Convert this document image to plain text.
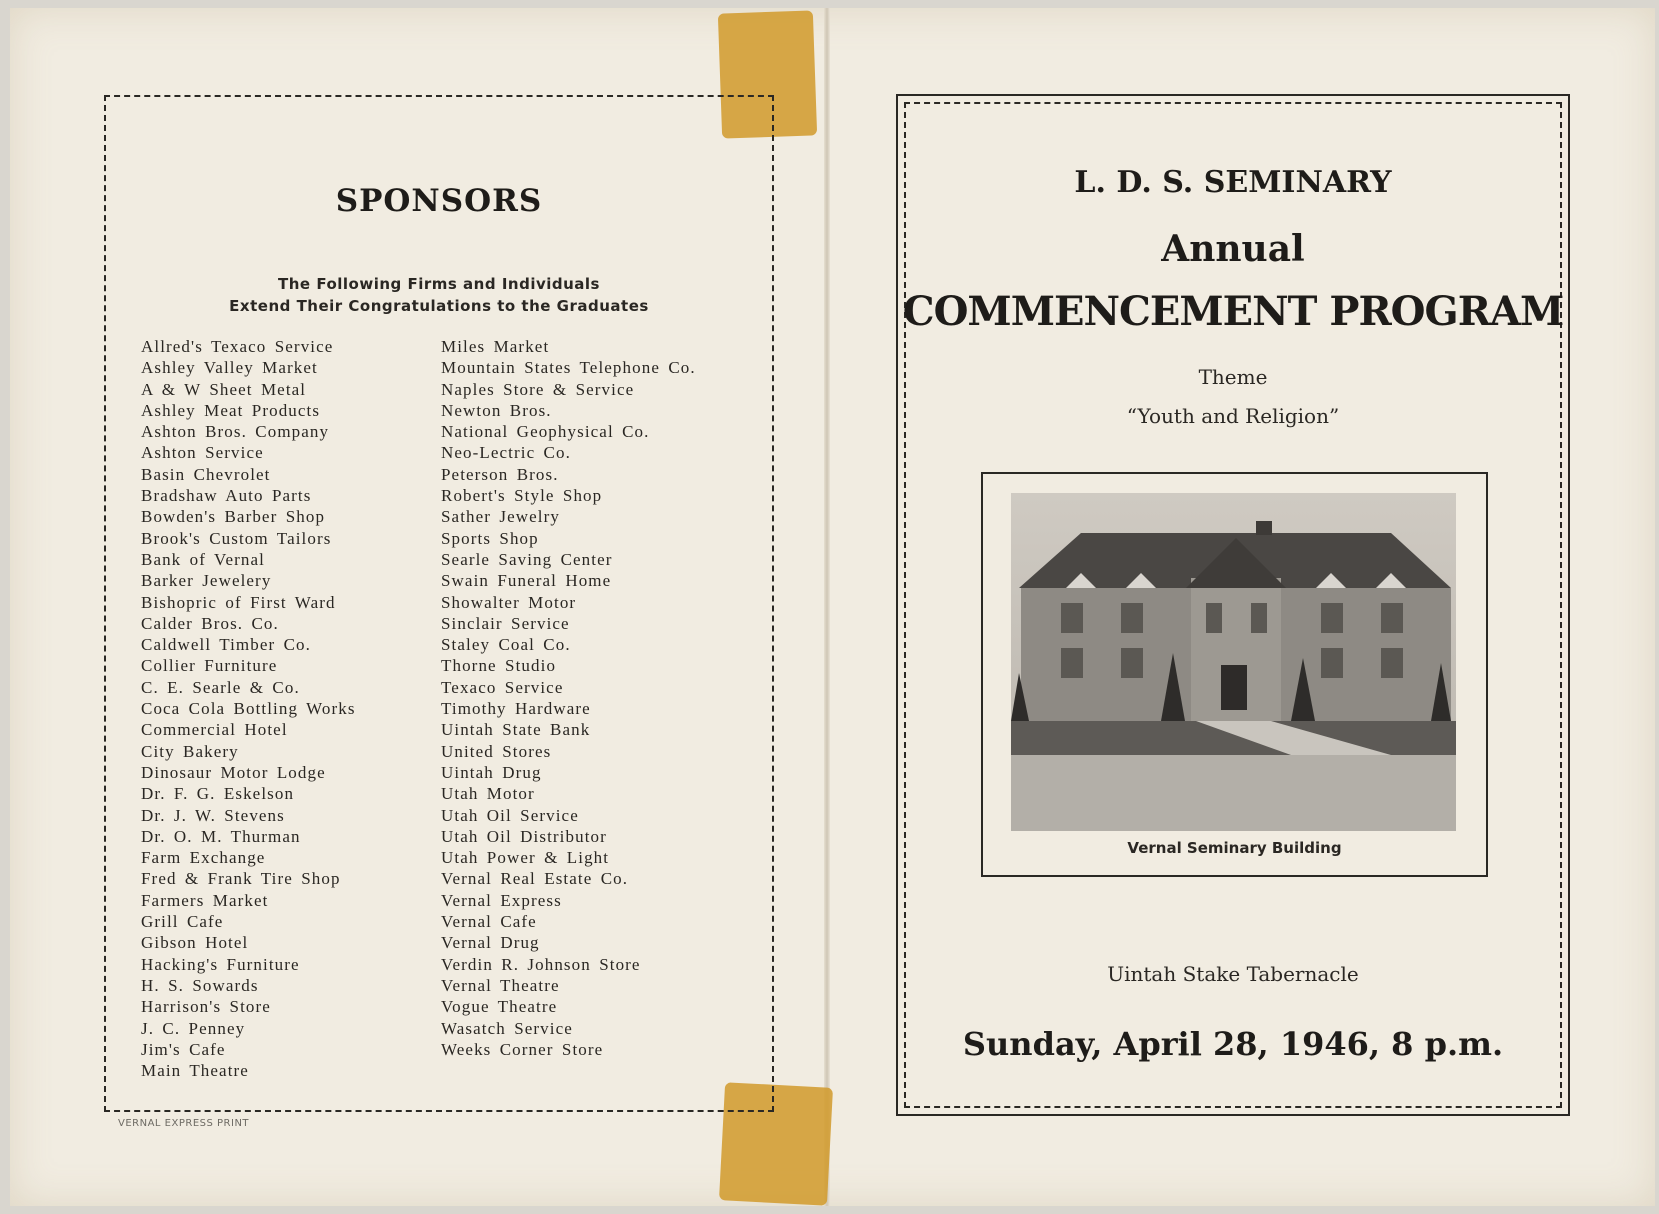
SPONSORS
The Following Firms and Individuals
Extend Their Congratulations to the Graduates
Allred's Texaco Service
Ashley Valley Market
A & W Sheet Metal
Ashley Meat Products
Ashton Bros. Company
Ashton Service
Basin Chevrolet
Bradshaw Auto Parts
Bowden's Barber Shop
Brook's Custom Tailors
Bank of Vernal
Barker Jewelery
Bishopric of First Ward
Calder Bros. Co.
Caldwell Timber Co.
Collier Furniture
C. E. Searle & Co.
Coca Cola Bottling Works
Commercial Hotel
City Bakery
Dinosaur Motor Lodge
Dr. F. G. Eskelson
Dr. J. W. Stevens
Dr. O. M. Thurman
Farm Exchange
Fred & Frank Tire Shop
Farmers Market
Grill Cafe
Gibson Hotel
Hacking's Furniture
H. S. Sowards
Harrison's Store
J. C. Penney
Jim's Cafe
Main Theatre
Miles Market
Mountain States Telephone Co.
Naples Store & Service
Newton Bros.
National Geophysical Co.
Neo-Lectric Co.
Peterson Bros.
Robert's Style Shop
Sather Jewelry
Sports Shop
Searle Saving Center
Swain Funeral Home
Showalter Motor
Sinclair Service
Staley Coal Co.
Thorne Studio
Texaco Service
Timothy Hardware
Uintah State Bank
United Stores
Uintah Drug
Utah Motor
Utah Oil Service
Utah Oil Distributor
Utah Power & Light
Vernal Real Estate Co.
Vernal Express
Vernal Cafe
Vernal Drug
Verdin R. Johnson Store
Vernal Theatre
Vogue Theatre
Wasatch Service
Weeks Corner Store
VERNAL EXPRESS PRINT
L. D. S. SEMINARY
Annual
COMMENCEMENT PROGRAM
Theme
“Youth and Religion”
Vernal Seminary Building
Uintah Stake Tabernacle
Sunday, April 28, 1946, 8 p.m.
